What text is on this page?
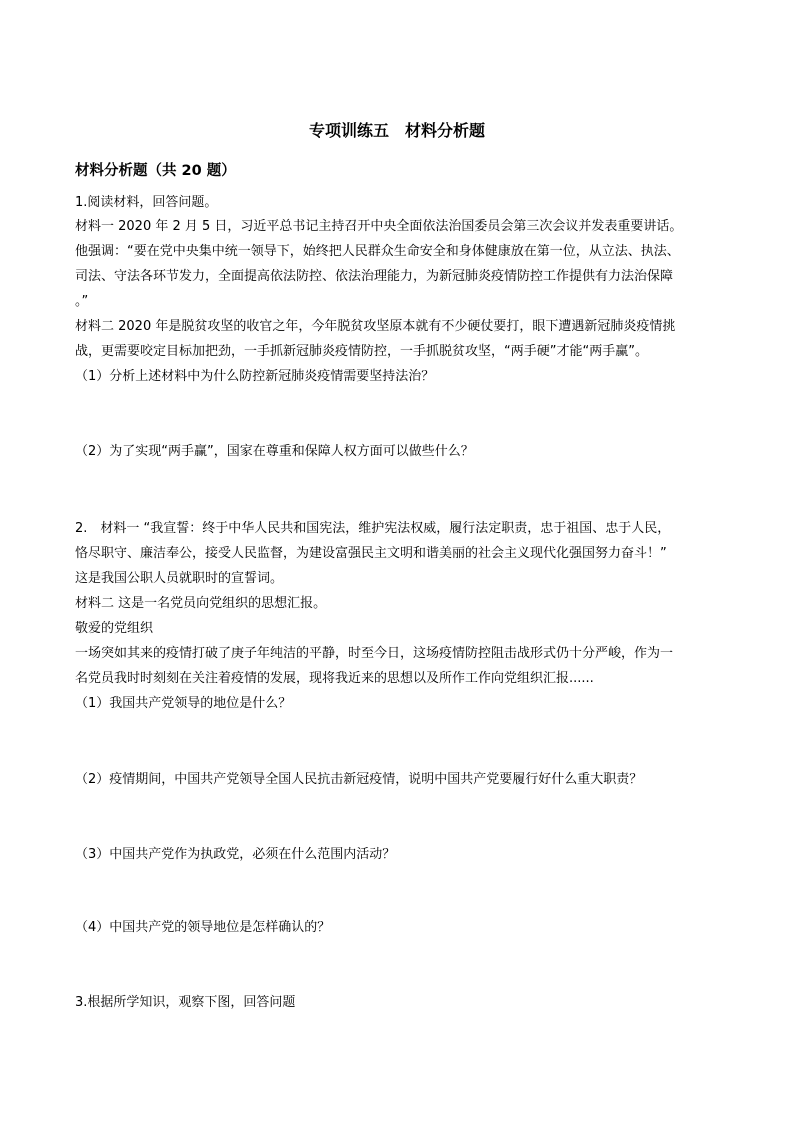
专项训练五　材料分析题
材料分析题（共 20 题）
1.阅读材料，回答问题。
材料一 2020 年 2 月 5 日，习近平总书记主持召开中央全面依法治国委员会第三次会议并发表重要讲话。
他强调：“要在党中央集中统一领导下，始终把人民群众生命安全和身体健康放在第一位，从立法、执法、
司法、守法各环节发力，全面提高依法防控、依法治理能力，为新冠肺炎疫情防控工作提供有力法治保障
。”
材料二 2020 年是脱贫攻坚的收官之年，今年脱贫攻坚原本就有不少硬仗要打，眼下遭遇新冠肺炎疫情挑
战，更需要咬定目标加把劲，一手抓新冠肺炎疫情防控，一手抓脱贫攻坚，“两手硬”才能“两手赢”。
（1）分析上述材料中为什么防控新冠肺炎疫情需要坚持法治？
（2）为了实现“两手赢”，国家在尊重和保障人权方面可以做些什么？
2.　材料一 “我宣誓：终于中华人民共和国宪法，维护宪法权威，履行法定职责，忠于祖国、忠于人民，
恪尽职守、廉洁奉公，接受人民监督，为建设富强民主文明和谐美丽的社会主义现代化强国努力奋斗！”
这是我国公职人员就职时的宣誓词。
材料二 这是一名党员向党组织的思想汇报。
敬爱的党组织
一场突如其来的疫情打破了庚子年纯洁的平静，时至今日，这场疫情防控阻击战形式仍十分严峻，作为一
名党员我时时刻刻在关注着疫情的发展，现将我近来的思想以及所作工作向党组织汇报......
（1）我国共产党领导的地位是什么？
（2）疫情期间，中国共产党领导全国人民抗击新冠疫情，说明中国共产党要履行好什么重大职责？
（3）中国共产党作为执政党，必须在什么范围内活动？
（4）中国共产党的领导地位是怎样确认的？
3.根据所学知识，观察下图，回答问题
